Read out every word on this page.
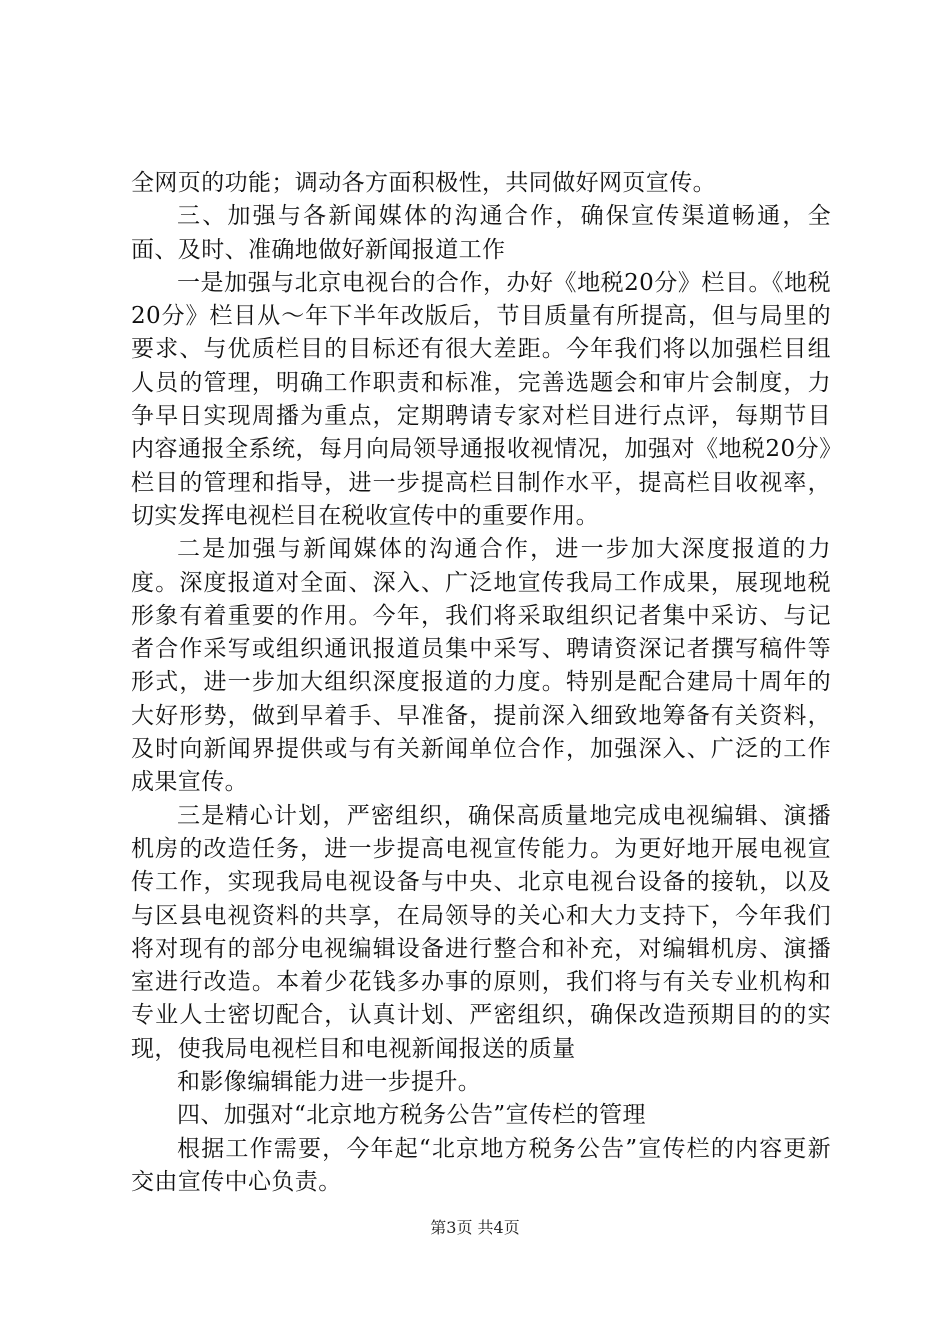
全网页的功能；调动各方面积极性，共同做好网页宣传。

三、加强与各新闻媒体的沟通合作，确保宣传渠道畅通，全面、及时、准确地做好新闻报道工作

一是加强与北京电视台的合作，办好《地税20分》栏目。《地税20分》栏目从～年下半年改版后，节目质量有所提高，但与局里的要求、与优质栏目的目标还有很大差距。今年我们将以加强栏目组人员的管理，明确工作职责和标准，完善选题会和审片会制度，力争早日实现周播为重点，定期聘请专家对栏目进行点评，每期节目内容通报全系统，每月向局领导通报收视情况，加强对《地税20分》栏目的管理和指导，进一步提高栏目制作水平，提高栏目收视率，切实发挥电视栏目在税收宣传中的重要作用。

二是加强与新闻媒体的沟通合作，进一步加大深度报道的力度。深度报道对全面、深入、广泛地宣传我局工作成果，展现地税形象有着重要的作用。今年，我们将采取组织记者集中采访、与记者合作采写或组织通讯报道员集中采写、聘请资深记者撰写稿件等形式，进一步加大组织深度报道的力度。特别是配合建局十周年的大好形势，做到早着手、早准备，提前深入细致地筹备有关资料，及时向新闻界提供或与有关新闻单位合作，加强深入、广泛的工作成果宣传。

三是精心计划，严密组织，确保高质量地完成电视编辑、演播机房的改造任务，进一步提高电视宣传能力。为更好地开展电视宣传工作，实现我局电视设备与中央、北京电视台设备的接轨，以及与区县电视资料的共享，在局领导的关心和大力支持下，今年我们将对现有的部分电视编辑设备进行整合和补充，对编辑机房、演播室进行改造。本着少花钱多办事的原则，我们将与有关专业机构和专业人士密切配合，认真计划、严密组织，确保改造预期目的的实现，使我局电视栏目和电视新闻报送的质量

和影像编辑能力进一步提升。

四、加强对“北京地方税务公告”宣传栏的管理

根据工作需要，今年起“北京地方税务公告”宣传栏的内容更新交由宣传中心负责。

第3页 共4页
